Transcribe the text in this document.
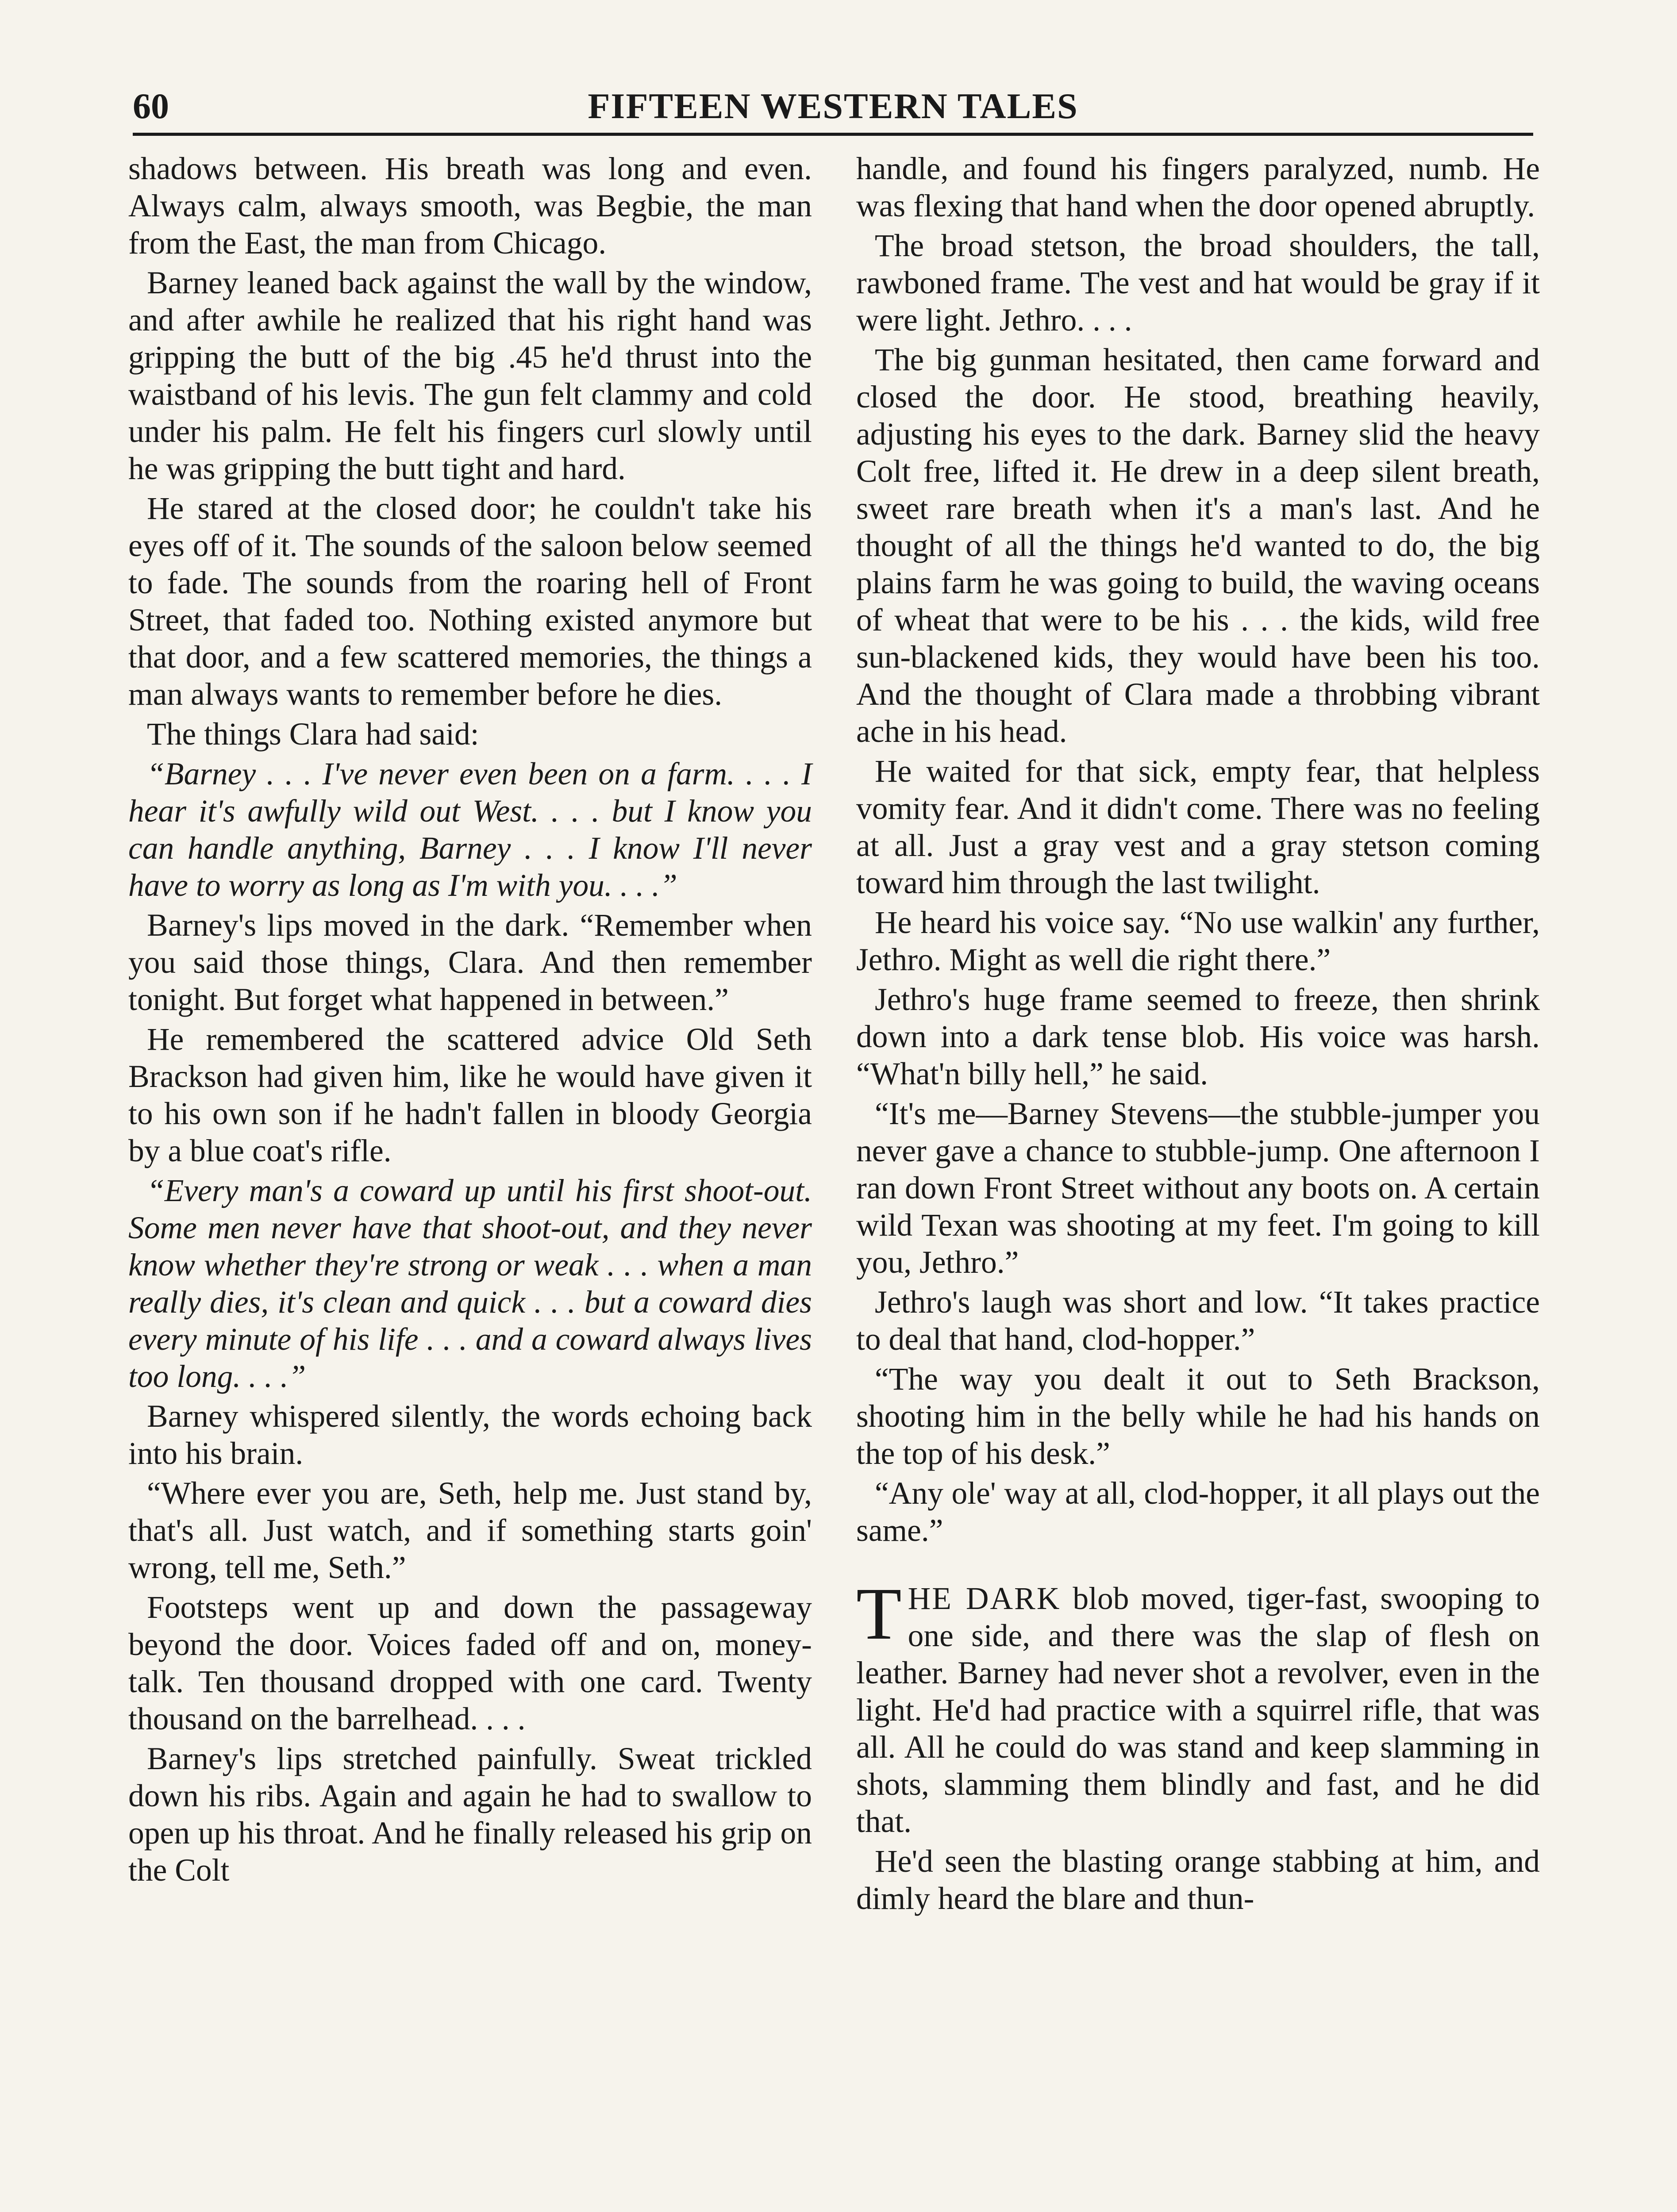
60	FIFTEEN WESTERN TALES

shadows between. His breath was long and even. Always calm, always smooth, was Begbie, the man from the East, the man from Chicago.

Barney leaned back against the wall by the window, and after awhile he realized that his right hand was gripping the butt of the big .45 he'd thrust into the waistband of his levis. The gun felt clammy and cold under his palm. He felt his fingers curl slowly until he was gripping the butt tight and hard.

He stared at the closed door; he couldn't take his eyes off of it. The sounds of the saloon below seemed to fade. The sounds from the roaring hell of Front Street, that faded too. Nothing existed anymore but that door, and a few scattered memories, the things a man always wants to remember before he dies.

The things Clara had said:

“Barney . . . I've never even been on a farm. . . . I hear it's awfully wild out West. . . . but I know you can handle anything, Barney . . . I know I'll never have to worry as long as I'm with you. . . .”

Barney's lips moved in the dark. “Remember when you said those things, Clara. And then remember tonight. But forget what happened in between.”

He remembered the scattered advice Old Seth Brackson had given him, like he would have given it to his own son if he hadn't fallen in bloody Georgia by a blue coat's rifle.

“Every man's a coward up until his first shoot-out. Some men never have that shoot-out, and they never know whether they're strong or weak . . . when a man really dies, it's clean and quick . . . but a coward dies every minute of his life . . . and a coward always lives too long. . . .”

Barney whispered silently, the words echoing back into his brain.

“Where ever you are, Seth, help me. Just stand by, that's all. Just watch, and if something starts goin' wrong, tell me, Seth.”

Footsteps went up and down the passageway beyond the door. Voices faded off and on, money-talk. Ten thousand dropped with one card. Twenty thousand on the barrelhead. . . .

Barney's lips stretched painfully. Sweat trickled down his ribs. Again and again he had to swallow to open up his throat. And he finally released his grip on the Colt

handle, and found his fingers paralyzed, numb. He was flexing that hand when the door opened abruptly.

The broad stetson, the broad shoulders, the tall, rawboned frame. The vest and hat would be gray if it were light. Jethro. . . .

The big gunman hesitated, then came forward and closed the door. He stood, breathing heavily, adjusting his eyes to the dark. Barney slid the heavy Colt free, lifted it. He drew in a deep silent breath, sweet rare breath when it's a man's last. And he thought of all the things he'd wanted to do, the big plains farm he was going to build, the waving oceans of wheat that were to be his . . . the kids, wild free sun-blackened kids, they would have been his too. And the thought of Clara made a throbbing vibrant ache in his head.

He waited for that sick, empty fear, that helpless vomity fear. And it didn't come. There was no feeling at all. Just a gray vest and a gray stetson coming toward him through the last twilight.

He heard his voice say. “No use walkin' any further, Jethro. Might as well die right there.”

Jethro's huge frame seemed to freeze, then shrink down into a dark tense blob. His voice was harsh. “What'n billy hell,” he said.

“It's me—Barney Stevens—the stubble-jumper you never gave a chance to stubble-jump. One afternoon I ran down Front Street without any boots on. A certain wild Texan was shooting at my feet. I'm going to kill you, Jethro.”

Jethro's laugh was short and low. “It takes practice to deal that hand, clod-hopper.”

“The way you dealt it out to Seth Brackson, shooting him in the belly while he had his hands on the top of his desk.”

“Any ole' way at all, clod-hopper, it all plays out the same.”

THE DARK blob moved, tiger-fast, swooping to one side, and there was the slap of flesh on leather. Barney had never shot a revolver, even in the light. He'd had practice with a squirrel rifle, that was all. All he could do was stand and keep slamming in shots, slamming them blindly and fast, and he did that.

He'd seen the blasting orange stabbing at him, and dimly heard the blare and thun-
